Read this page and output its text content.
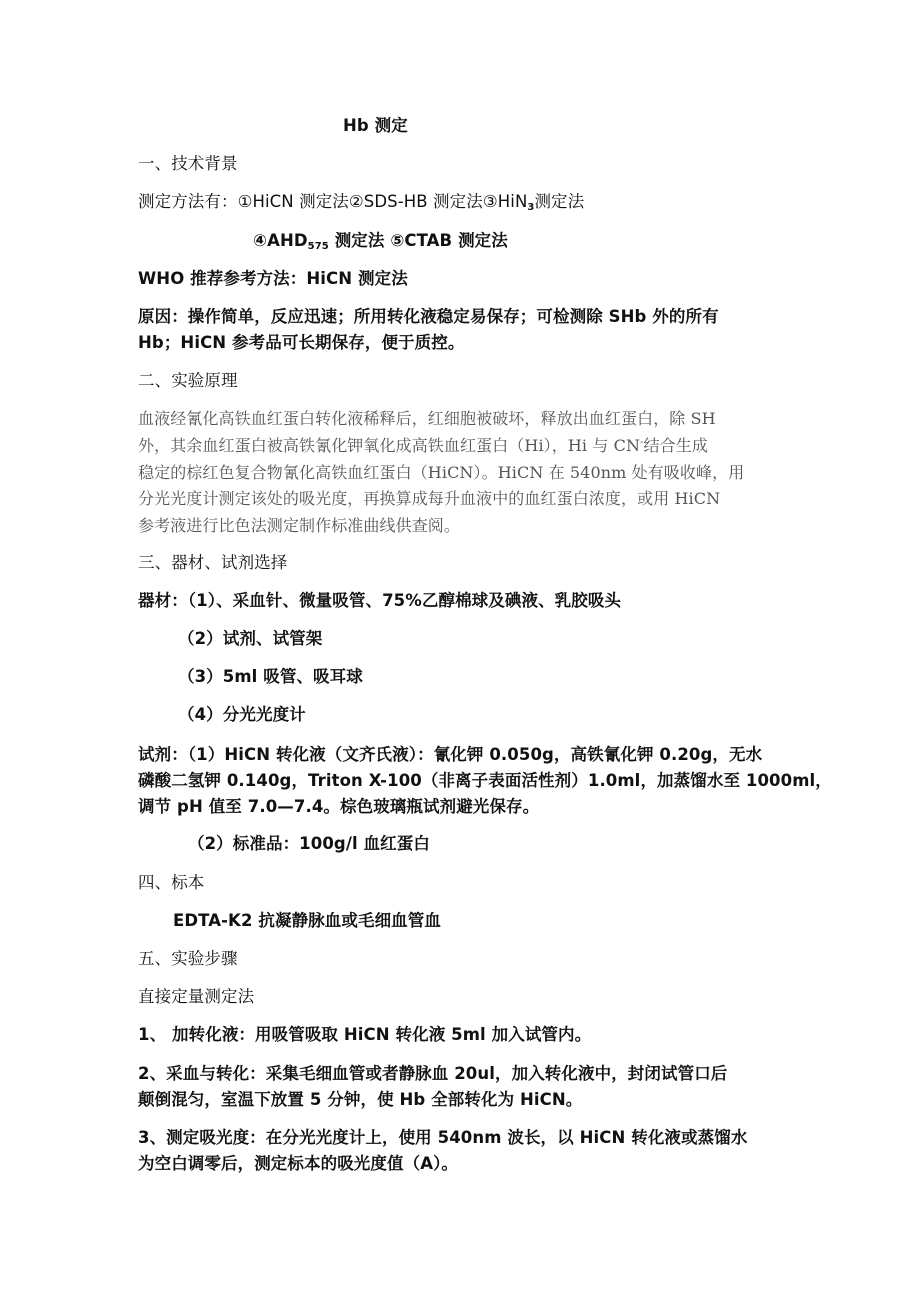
Hb 测定
一、技术背景
测定方法有：①HiCN 测定法②SDS-HB 测定法③HiN$_3$测定法
$④AHD_{575}$ 测定法 ⑤CTAB 测定法
WHO 推荐参考方法：HiCN 测定法
原因：操作简单，反应迅速；所用转化液稳定易保存；可检测除 SHb 外的所有
Hb；HiCN 参考品可长期保存，便于质控。
二、实验原理
血液经氰化高铁血红蛋白转化液稀释后，红细胞被破坏，释放出血红蛋白，除 SH
外，其余血红蛋白被高铁氰化钾氧化成高铁血红蛋白（Hi），Hi 与 CN-结合生成
稳定的棕红色复合物氰化高铁血红蛋白（HiCN）。HiCN 在 540nm 处有吸收峰，用
分光光度计测定该处的吸光度，再换算成每升血液中的血红蛋白浓度，或用 HiCN
参考液进行比色法测定制作标准曲线供查阅。
三、器材、试剂选择
器材：（1）、采血针、微量吸管、75%乙醇棉球及碘液、乳胶吸头
（2）试剂、试管架
（3）5ml 吸管、吸耳球
（4）分光光度计
试剂：（1）HiCN 转化液（文齐氏液）：氰化钾 0.050g，高铁氰化钾 0.20g，无水
磷酸二氢钾 0.140g，Triton X-100（非离子表面活性剂）1.0ml，加蒸馏水至 1000ml，
调节 pH 值至 7.0—7.4。棕色玻璃瓶试剂避光保存。
（2）标准品：100g/l 血红蛋白
四、标本
EDTA-K2 抗凝静脉血或毛细血管血
五、实验步骤
直接定量测定法
1、 加转化液：用吸管吸取 HiCN 转化液 5ml 加入试管内。
2、采血与转化：采集毛细血管或者静脉血 20ul，加入转化液中，封闭试管口后
颠倒混匀，室温下放置 5 分钟，使 Hb 全部转化为 HiCN。
3、测定吸光度：在分光光度计上，使用 540nm 波长，以 HiCN 转化液或蒸馏水
为空白调零后，测定标本的吸光度值（A）。
